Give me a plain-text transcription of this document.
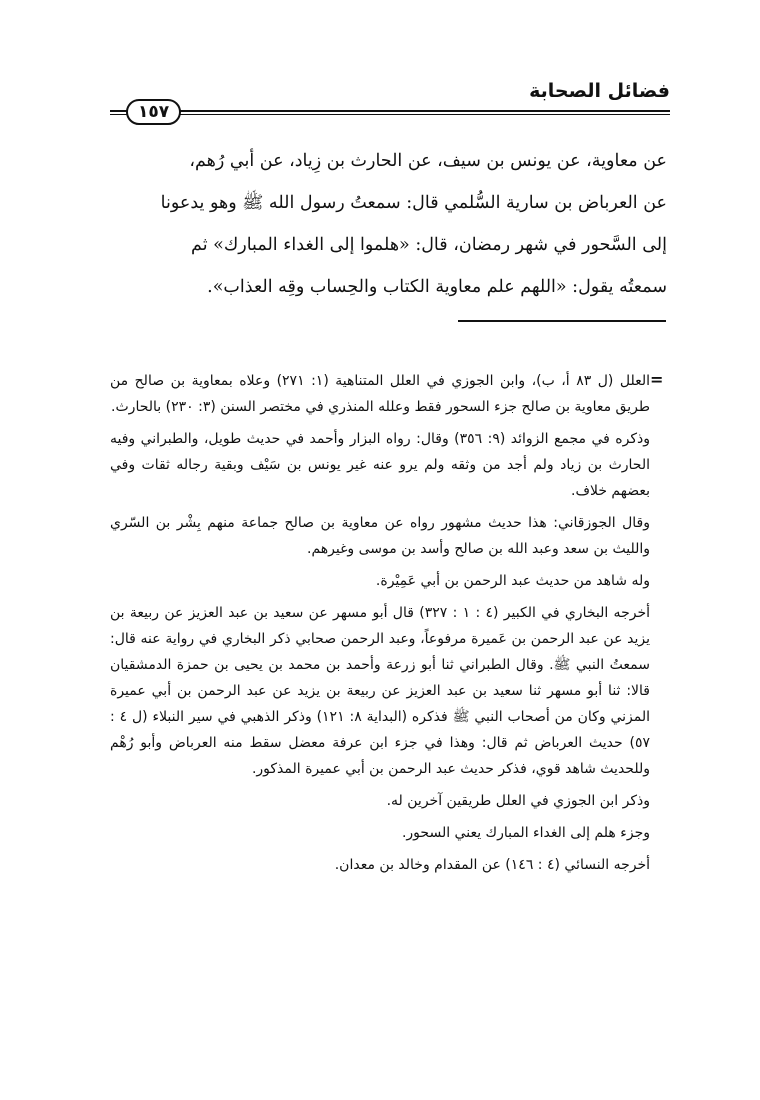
فضائل الصحابة
١٥٧

عن معاوية، عن يونس بن سيف، عن الحارث بن زِياد، عن أبي رُهم،

عن العرباض بن سارية السُّلمي قال: سمعتُ رسول الله ﷺ وهو يدعونا

إلى السَّحور في شهر رمضان، قال: «هلموا إلى الغداء المبارك» ثم

سمعتُه يقول: «اللهم علم معاوية الكتاب والحِساب وقِه العذاب».

=

العلل (ل ٨٣ أ، ب)، وابن الجوزي في العلل المتناهية (١: ٢٧١) وعلاه بمعاوية بن صالح من طريق معاوية بن صالح جزء السحور فقط وعلله المنذري في مختصر السنن (٣: ٢٣٠) بالحارث.

وذكره في مجمع الزوائد (٩: ٣٥٦) وقال: رواه البزار وأحمد في حديث طويل، والطبراني وفيه الحارث بن زياد ولم أجد من وثقه ولم يرو عنه غير يونس بن سَيْف وبقية رجاله ثقات وفي بعضهم خلاف.

وقال الجوزقاني: هذا حديث مشهور رواه عن معاوية بن صالح جماعة منهم بِشْر بن السّري والليث بن سعد وعبد الله بن صالح وأسد بن موسى وغيرهم.

وله شاهد من حديث عبد الرحمن بن أبي عَمِيْرة.

أخرجه البخاري في الكبير (٤ : ١ : ٣٢٧) قال أبو مسهر عن سعيد بن عبد العزيز عن ربيعة بن يزيد عن عبد الرحمن بن عَميرة مرفوعاً، وعبد الرحمن صحابي ذكر البخاري في رواية عنه قال: سمعتُ النبي ﷺ. وقال الطبراني ثنا أبو زرعة وأحمد بن محمد بن يحيى بن حمزة الدمشقيان قالا: ثنا أبو مسهر ثنا سعيد بن عبد العزيز عن ربيعة بن يزيد عن عبد الرحمن بن أبي عميرة المزني وكان من أصحاب النبي ﷺ فذكره (البداية ٨: ١٢١) وذكر الذهبي في سير النبلاء (ل ٤ : ٥٧) حديث العرباض ثم قال: وهذا في جزء ابن عرفة معضل سقط منه العرباض وأبو رُهْم وللحديث شاهد قوي، فذكر حديث عبد الرحمن بن أبي عميرة المذكور.

وذكر ابن الجوزي في العلل طريقين آخرين له.

وجزء هلم إلى الغداء المبارك يعني السحور.

أخرجه النسائي (٤ : ١٤٦) عن المقدام وخالد بن معدان.
